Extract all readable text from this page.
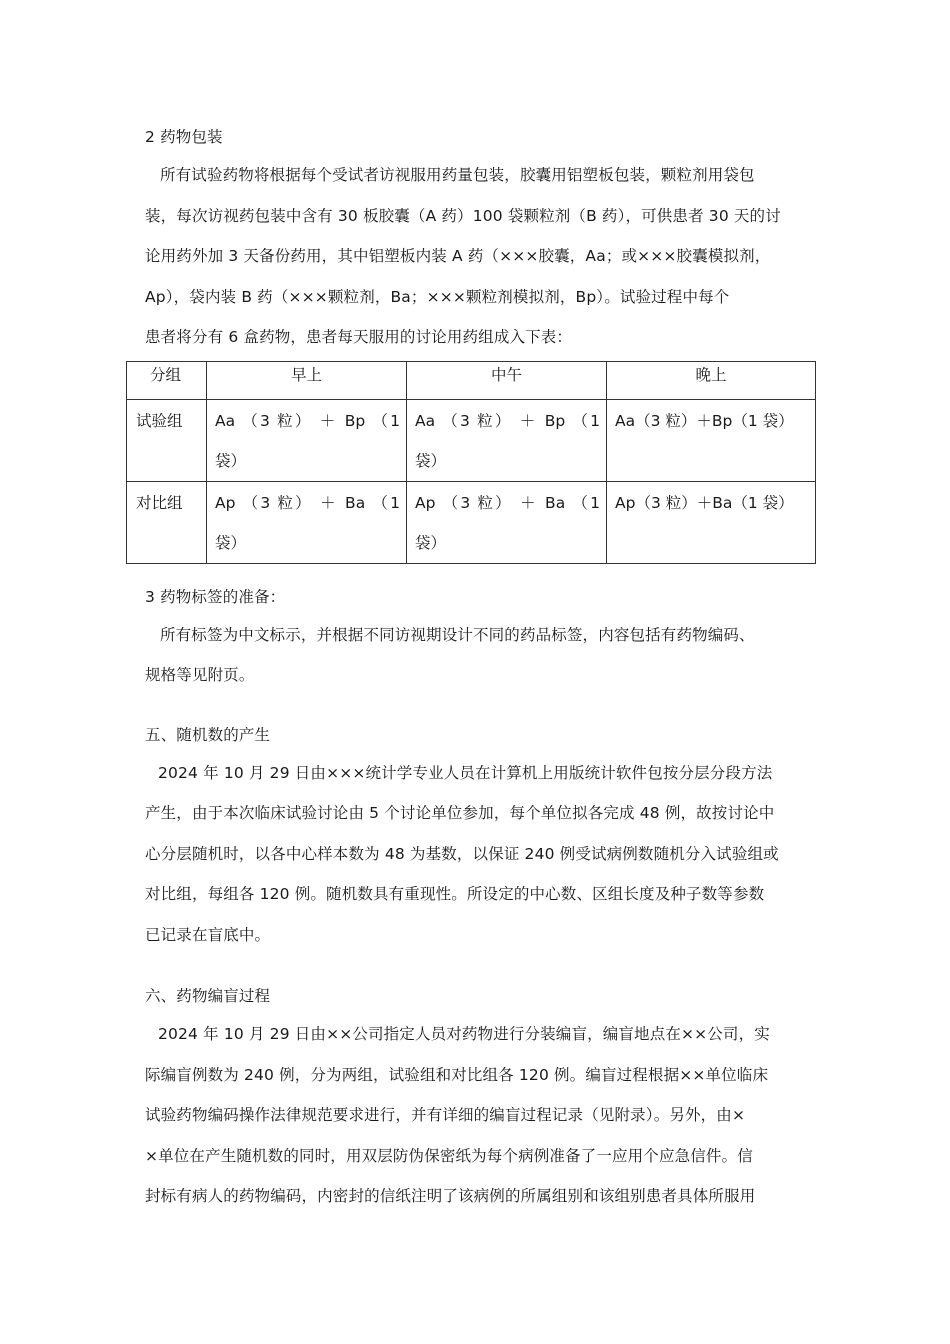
2 药物包装
所有试验药物将根据每个受试者访视服用药量包装，胶囊用铝塑板包装，颗粒剂用袋包
装，每次访视药包装中含有 30 板胶囊（A 药）100 袋颗粒剂（B 药），可供患者 30 天的讨
论用药外加 3 天备份药用，其中铝塑板内装 A 药（×××胶囊，Aa；或×××胶囊模拟剂，
Ap），袋内装 B 药（×××颗粒剂，Ba；×××颗粒剂模拟剂，Bp）。试验过程中每个
患者将分有 6 盒药物，患者每天服用的讨论用药组成入下表：
分组	早上	中午	晚上
试验组	Aa （3 粒） ＋ Bp （1 袋）	Aa （3 粒） ＋ Bp （1 袋）	Aa（3 粒）＋Bp（1 袋）

对比组	Ap （3 粒） ＋ Ba （1 袋）	Ap （3 粒） ＋ Ba （1 袋）	Ap（3 粒）＋Ba（1 袋）
3 药物标签的准备：
所有标签为中文标示，并根据不同访视期设计不同的药品标签，内容包括有药物编码、
规格等见附页。
五、随机数的产生
2024 年 10 月 29 日由×××统计学专业人员在计算机上用版统计软件包按分层分段方法
产生，由于本次临床试验讨论由 5 个讨论单位参加，每个单位拟各完成 48 例，故按讨论中
心分层随机时，以各中心样本数为 48 为基数，以保证 240 例受试病例数随机分入试验组或
对比组，每组各 120 例。随机数具有重现性。所设定的中心数、区组长度及种子数等参数
已记录在盲底中。
六、药物编盲过程
2024 年 10 月 29 日由××公司指定人员对药物进行分装编盲，编盲地点在××公司，实
际编盲例数为 240 例，分为两组，试验组和对比组各 120 例。编盲过程根据××单位临床
试验药物编码操作法律规范要求进行，并有详细的编盲过程记录（见附录）。另外，由×
×单位在产生随机数的同时，用双层防伪保密纸为每个病例准备了一应用个应急信件。信
封标有病人的药物编码，内密封的信纸注明了该病例的所属组别和该组别患者具体所服用
